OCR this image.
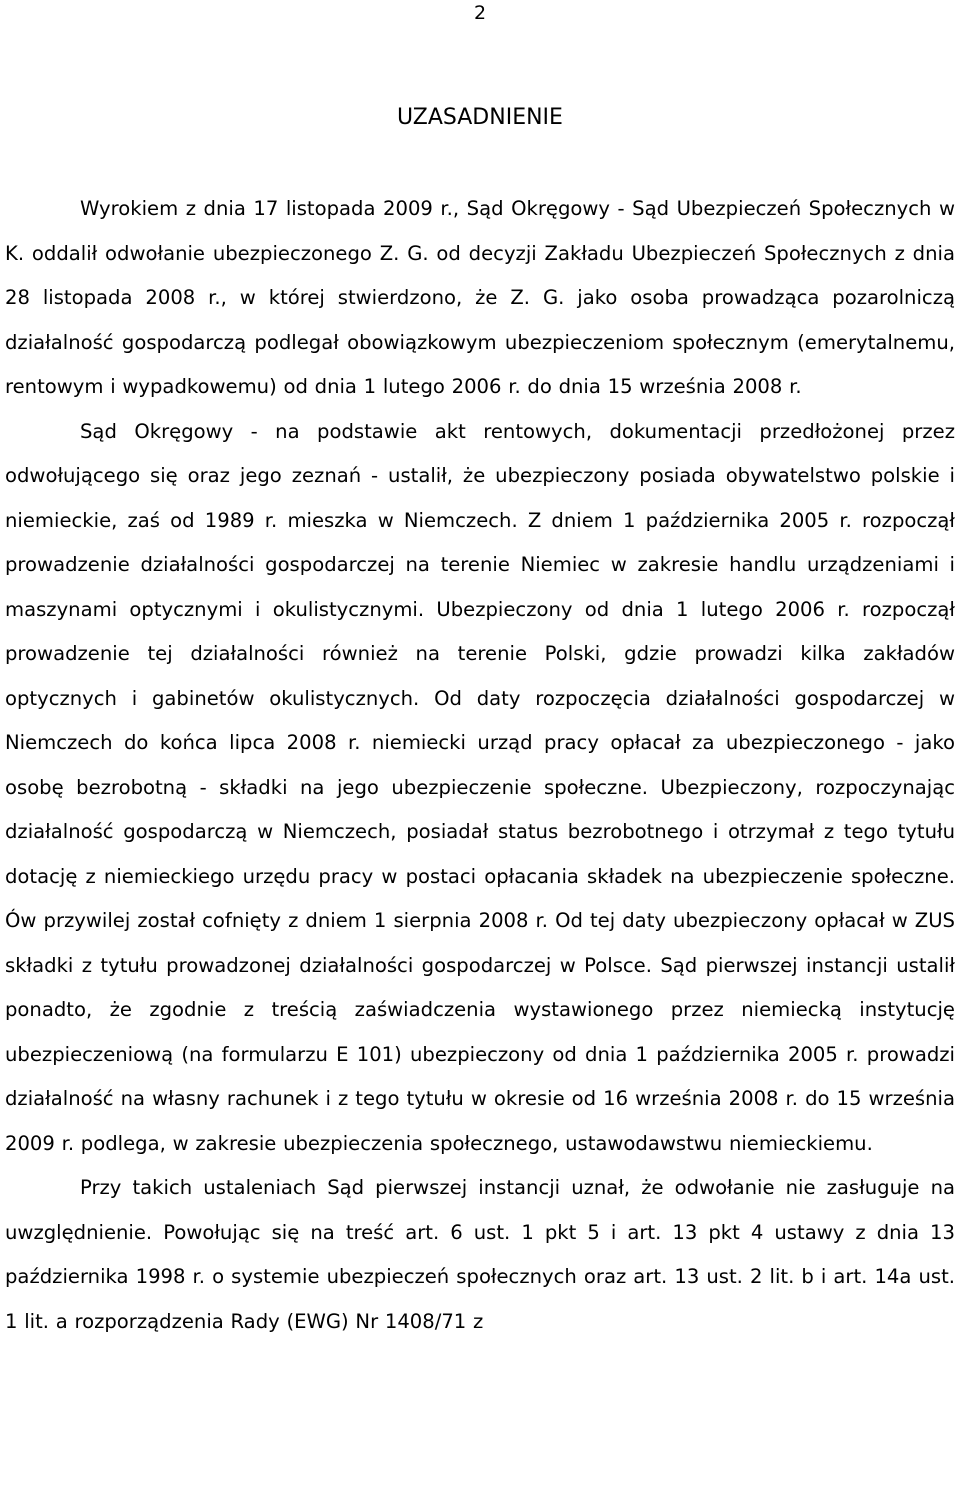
2
UZASADNIENIE

Wyrokiem z dnia 17 listopada 2009 r., Sąd Okręgowy - Sąd Ubezpieczeń Społecznych w K. oddalił odwołanie ubezpieczonego Z. G. od decyzji Zakładu Ubezpieczeń Społecznych z dnia 28 listopada 2008 r., w której stwierdzono, że Z. G. jako osoba prowadząca pozarolniczą działalność gospodarczą podlegał obowiązkowym ubezpieczeniom społecznym (emerytalnemu, rentowym i wypadkowemu) od dnia 1 lutego 2006 r. do dnia 15 września 2008 r.

Sąd Okręgowy - na podstawie akt rentowych, dokumentacji przedłożonej przez odwołującego się oraz jego zeznań - ustalił, że ubezpieczony posiada obywatelstwo polskie i niemieckie, zaś od 1989 r. mieszka w Niemczech. Z dniem 1 października 2005 r. rozpoczął prowadzenie działalności gospodarczej na terenie Niemiec w zakresie handlu urządzeniami i maszynami optycznymi i okulistycznymi. Ubezpieczony od dnia 1 lutego 2006 r. rozpoczął prowadzenie tej działalności również na terenie Polski, gdzie prowadzi kilka zakładów optycznych i gabinetów okulistycznych. Od daty rozpoczęcia działalności gospodarczej w Niemczech do końca lipca 2008 r. niemiecki urząd pracy opłacał za ubezpieczonego - jako osobę bezrobotną - składki na jego ubezpieczenie społeczne. Ubezpieczony, rozpoczynając działalność gospodarczą w Niemczech, posiadał status bezrobotnego i otrzymał z tego tytułu dotację z niemieckiego urzędu pracy w postaci opłacania składek na ubezpieczenie społeczne. Ów przywilej został cofnięty z dniem 1 sierpnia 2008 r. Od tej daty ubezpieczony opłacał w ZUS składki z tytułu prowadzonej działalności gospodarczej w Polsce. Sąd pierwszej instancji ustalił ponadto, że zgodnie z treścią zaświadczenia wystawionego przez niemiecką instytucję ubezpieczeniową (na formularzu E 101) ubezpieczony od dnia 1 października 2005 r. prowadzi działalność na własny rachunek i z tego tytułu w okresie od 16 września 2008 r. do 15 września 2009 r. podlega, w zakresie ubezpieczenia społecznego, ustawodawstwu niemieckiemu.

Przy takich ustaleniach Sąd pierwszej instancji uznał, że odwołanie nie zasługuje na uwzględnienie. Powołując się na treść art. 6 ust. 1 pkt 5 i art. 13 pkt 4 ustawy z dnia 13 października 1998 r. o systemie ubezpieczeń społecznych oraz art. 13 ust. 2 lit. b i art. 14a ust. 1 lit. a rozporządzenia Rady (EWG) Nr 1408/71 z
